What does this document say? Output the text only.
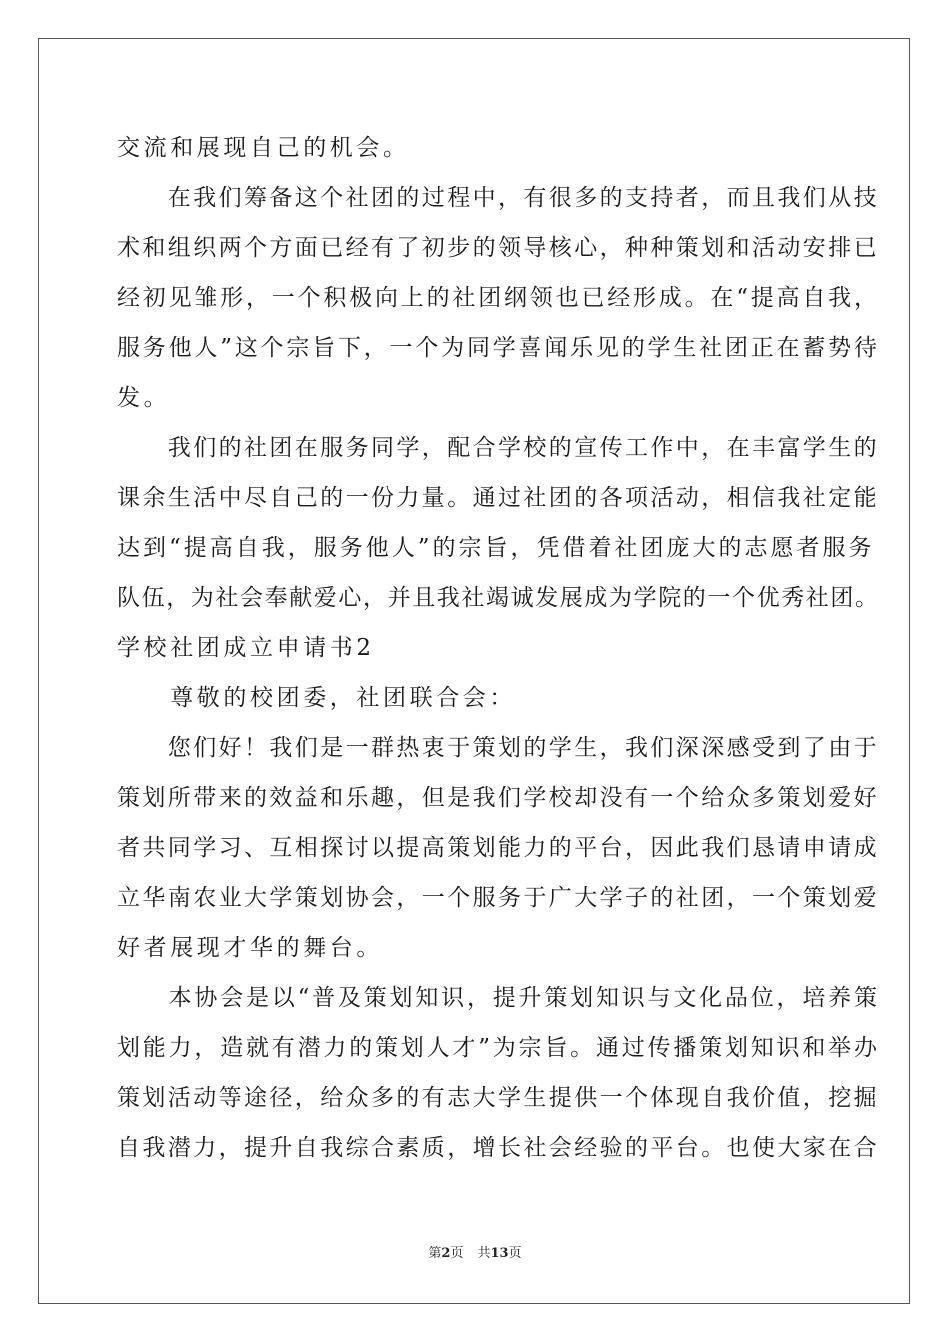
交流和展现自己的机会。
　　在我们筹备这个社团的过程中，有很多的支持者，而且我们从技
术和组织两个方面已经有了初步的领导核心，种种策划和活动安排已
经初见雏形，一个积极向上的社团纲领也已经形成。在“提高自我，
服务他人”这个宗旨下，一个为同学喜闻乐见的学生社团正在蓄势待
发。
　　我们的社团在服务同学，配合学校的宣传工作中，在丰富学生的
课余生活中尽自己的一份力量。通过社团的各项活动，相信我社定能
达到“提高自我，服务他人”的宗旨，凭借着社团庞大的志愿者服务
队伍，为社会奉献爱心，并且我社竭诚发展成为学院的一个优秀社团。
学校社团成立申请书2
　　尊敬的校团委，社团联合会：
　　您们好！我们是一群热衷于策划的学生，我们深深感受到了由于
策划所带来的效益和乐趣，但是我们学校却没有一个给众多策划爱好
者共同学习、互相探讨以提高策划能力的平台，因此我们恳请申请成
立华南农业大学策划协会，一个服务于广大学子的社团，一个策划爱
好者展现才华的舞台。
　　本协会是以“普及策划知识，提升策划知识与文化品位，培养策
划能力，造就有潜力的策划人才”为宗旨。通过传播策划知识和举办
策划活动等途径，给众多的有志大学生提供一个体现自我价值，挖掘
自我潜力，提升自我综合素质，增长社会经验的平台。也使大家在合
第2页 共13页
